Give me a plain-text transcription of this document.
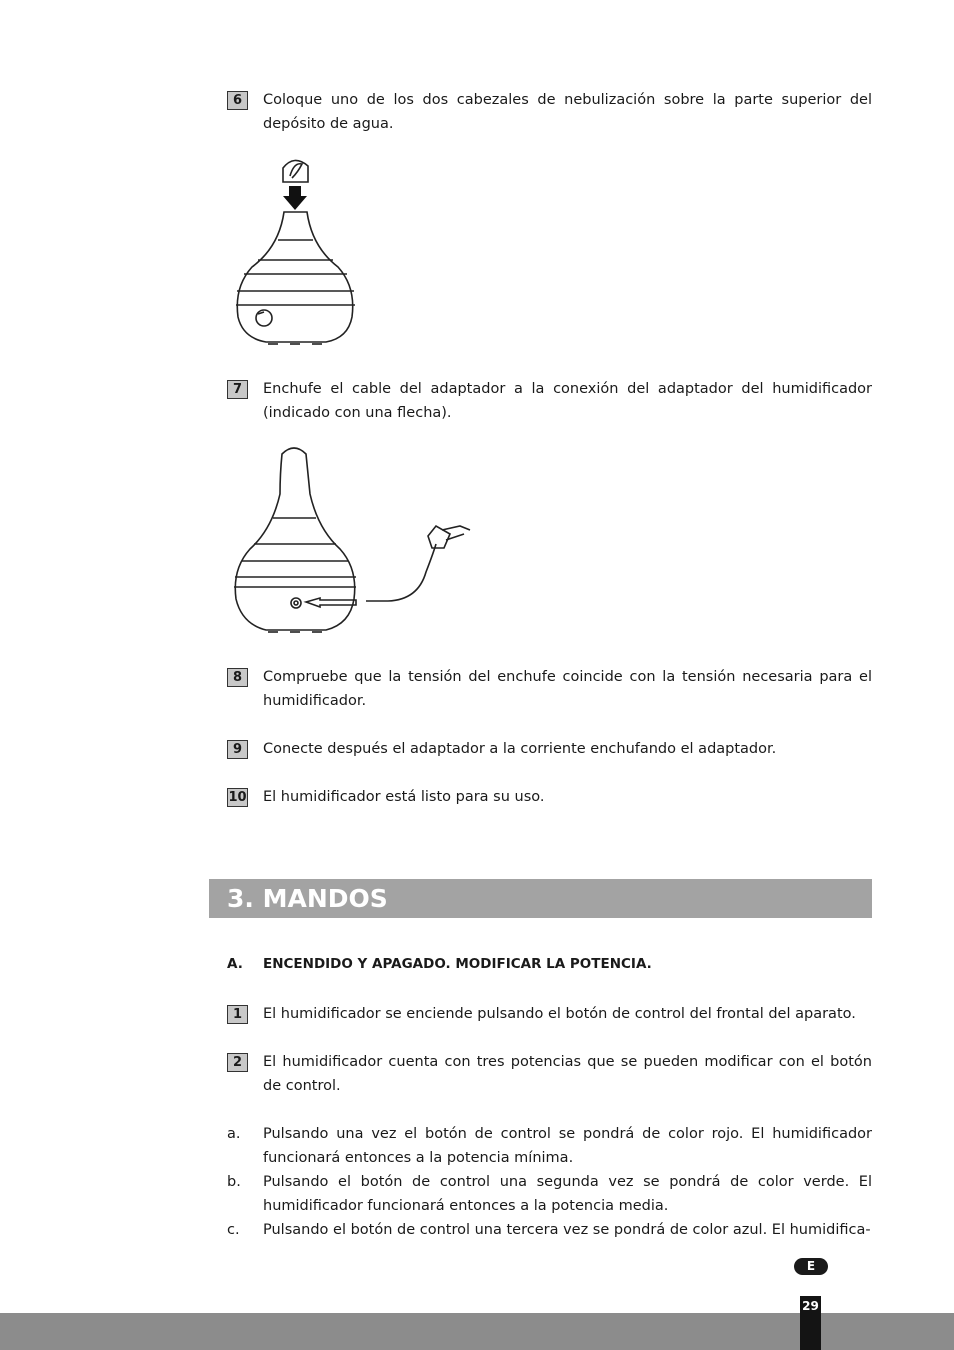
6	Coloque uno de los dos cabezales de nebulización sobre la parte superior del depósito de agua.
7	Enchufe el cable del adaptador a la conexión del adaptador del humidificador (indicado con una flecha).
8	Compruebe que la tensión del enchufe coincide con la tensión necesaria para el humidificador.
9	Conecte después el adaptador a la corriente enchufando el adaptador.
10 El humidificador está listo para su uso.
3. MANDOS
A. ENCENDIDO Y APAGADO. MODIFICAR LA POTENCIA.
1	El humidificador se enciende pulsando el botón de control del frontal del aparato.
2	El humidificador cuenta con tres potencias que se pueden modificar con el botón de control.
a. Pulsando una vez el botón de control se pondrá de color rojo. El humidificador funcionará entonces a la potencia mínima.
b. Pulsando el botón de control una segunda vez se pondrá de color verde. El humidificador funcionará entonces a la potencia media.
c. Pulsando el botón de control una tercera vez se pondrá de color azul. El humidifica-
E
29
